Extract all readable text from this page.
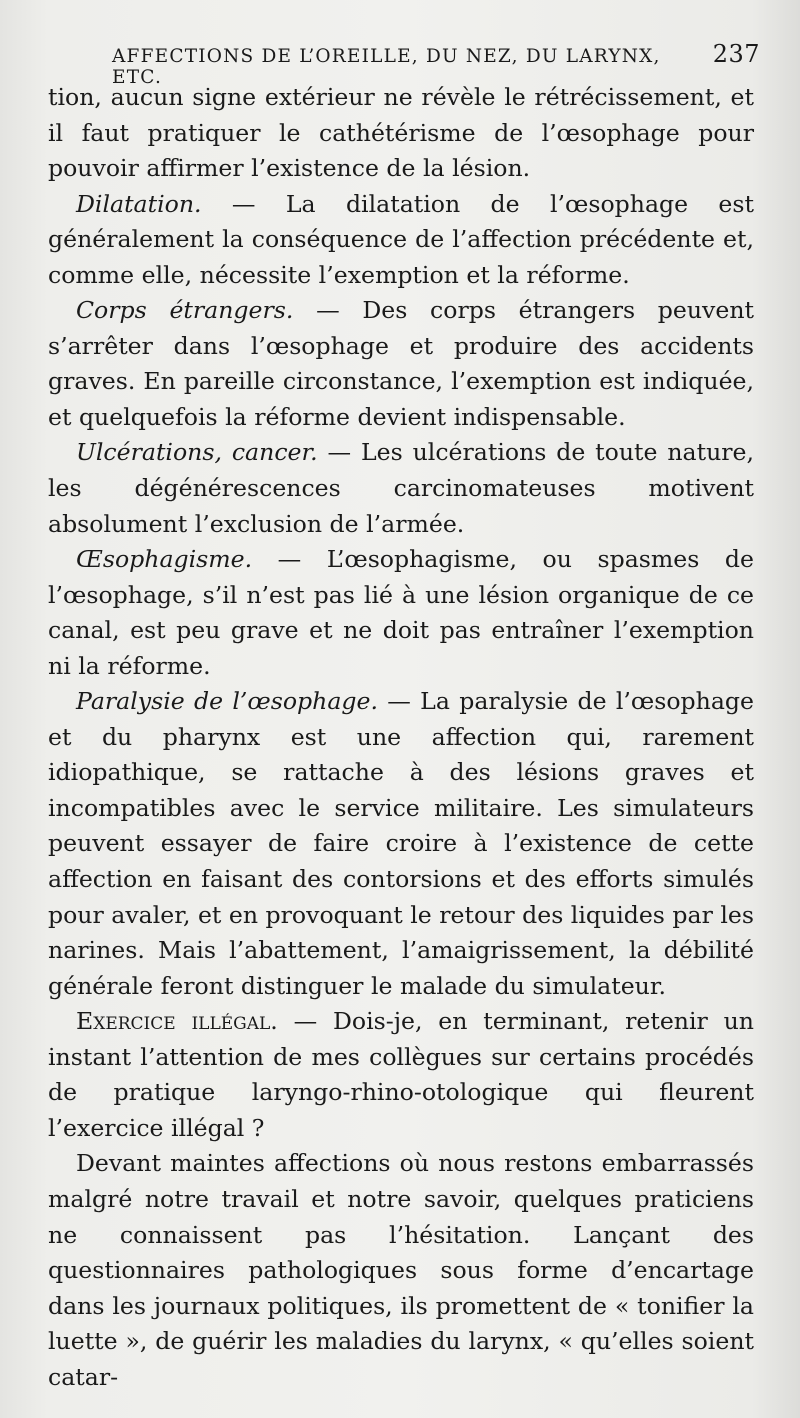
AFFECTIONS DE L’OREILLE, DU NEZ, DU LARYNX, ETC.
237

tion, aucun signe extérieur ne révèle le rétrécissement, et il faut pratiquer le cathétérisme de l’œsophage pour pouvoir affirmer l’existence de la lésion.

Dilatation. — La dilatation de l’œsophage est généralement la conséquence de l’affection précédente et, comme elle, nécessite l’exemption et la réforme.

Corps étrangers. — Des corps étrangers peuvent s’arrêter dans l’œsophage et produire des accidents graves. En pareille circonstance, l’exemption est indiquée, et quelquefois la réforme devient indispensable.

Ulcérations, cancer. — Les ulcérations de toute nature, les dégénérescences carcinomateuses motivent absolument l’exclusion de l’armée.

Œsophagisme. — L’œsophagisme, ou spasmes de l’œsophage, s’il n’est pas lié à une lésion organique de ce canal, est peu grave et ne doit pas entraîner l’exemption ni la réforme.

Paralysie de l’œsophage. — La paralysie de l’œsophage et du pharynx est une affection qui, rarement idiopathique, se rattache à des lésions graves et incompatibles avec le service militaire. Les simulateurs peuvent essayer de faire croire à l’existence de cette affection en faisant des contorsions et des efforts simulés pour avaler, et en provoquant le retour des liquides par les narines. Mais l’abattement, l’amaigrissement, la débilité générale feront distinguer le malade du simulateur.

Exercice illégal. — Dois-je, en terminant, retenir un instant l’attention de mes collègues sur certains procédés de pratique laryngo-rhino-otologique qui fleurent l’exercice illégal ?

Devant maintes affections où nous restons embarrassés malgré notre travail et notre savoir, quelques praticiens ne connaissent pas l’hésitation. Lançant des questionnaires pathologiques sous forme d’encartage dans les journaux politiques, ils promettent de « tonifier la luette », de guérir les maladies du larynx, « qu’elles soient catar-
